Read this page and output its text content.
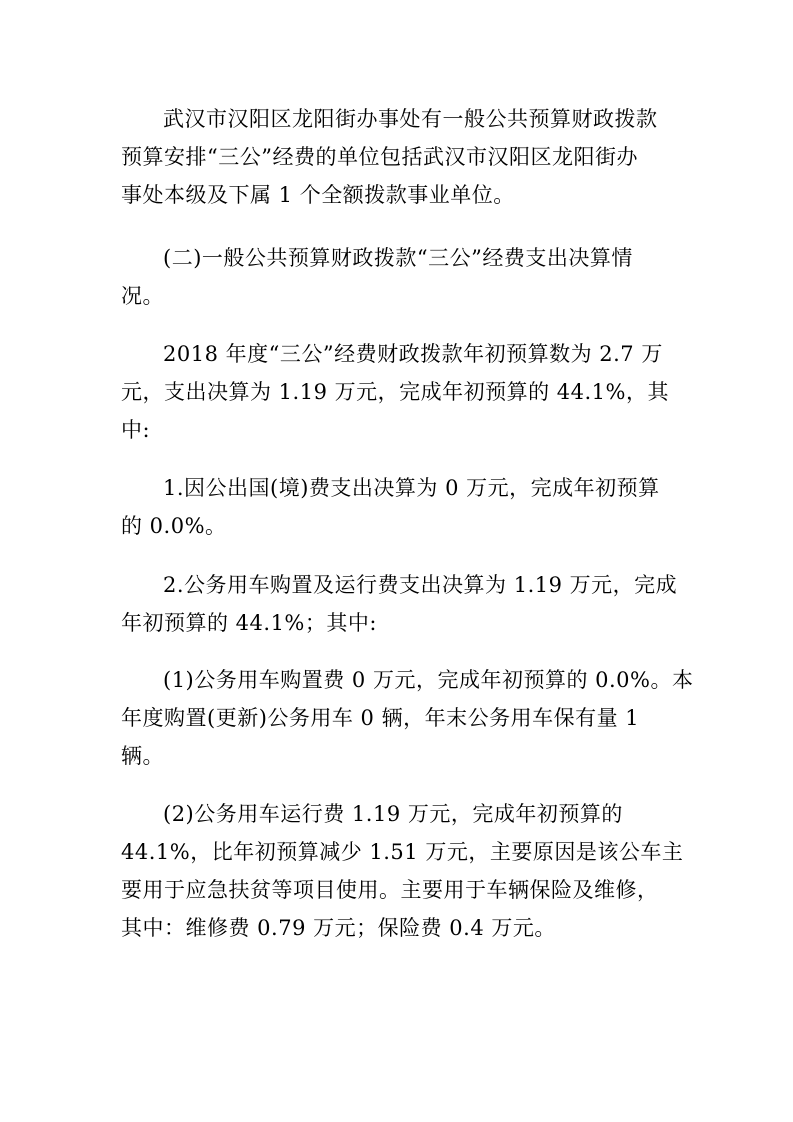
武汉市汉阳区龙阳街办事处有一般公共预算财政拨款
预算安排“三公”经费的单位包括武汉市汉阳区龙阳街办
事处本级及下属 1 个全额拨款事业单位。

(二)一般公共预算财政拨款“三公”经费支出决算情
况。

2018 年度“三公”经费财政拨款年初预算数为 2.7 万
元，支出决算为 1.19 万元，完成年初预算的 44.1%，其
中:

1.因公出国(境)费支出决算为 0 万元，完成年初预算
的 0.0%。

2.公务用车购置及运行费支出决算为 1.19 万元，完成
年初预算的 44.1%；其中:

(1)公务用车购置费 0 万元，完成年初预算的 0.0%。本
年度购置(更新)公务用车 0 辆，年末公务用车保有量 1
辆。

(2)公务用车运行费 1.19 万元，完成年初预算的
44.1%，比年初预算减少 1.51 万元，主要原因是该公车主
要用于应急扶贫等项目使用。主要用于车辆保险及维修，
其中：维修费 0.79 万元；保险费 0.4 万元。
